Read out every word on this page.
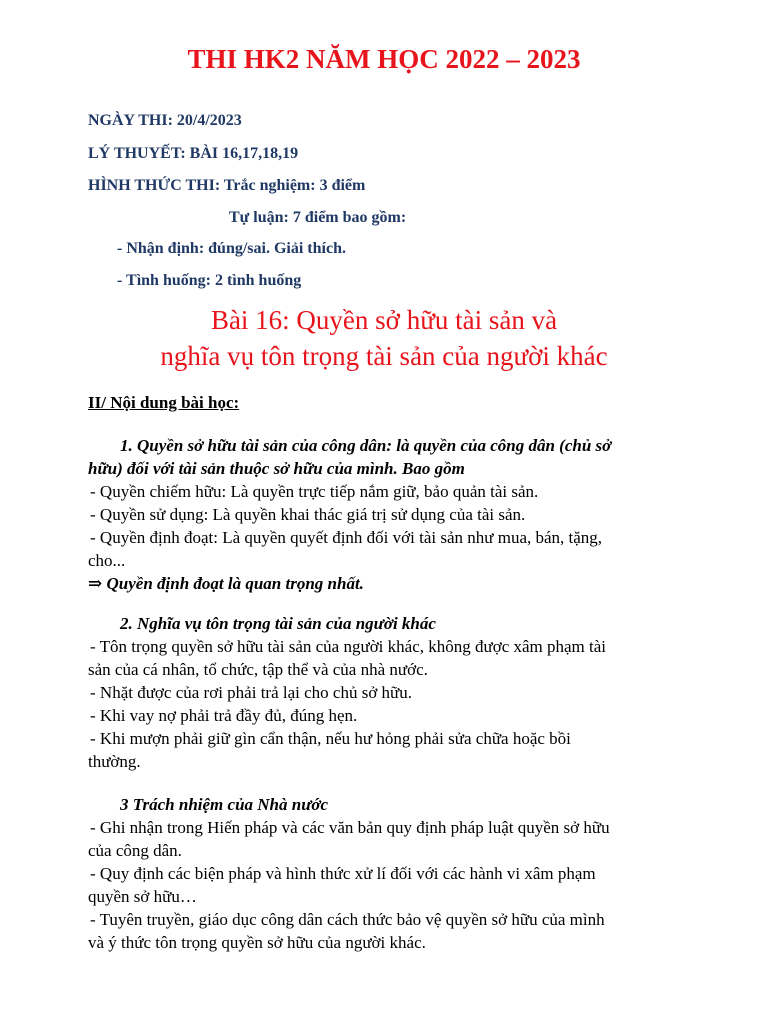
THI HK2 NĂM HỌC 2022 – 2023
NGÀY THI: 20/4/2023
LÝ THUYẾT: BÀI 16,17,18,19
HÌNH THỨC THI: Trắc nghiệm: 3 điểm
Tự luận: 7 điểm bao gồm:
- Nhận định: đúng/sai. Giải thích.
- Tình huống: 2 tình huống
Bài 16: Quyền sở hữu tài sản và
nghĩa vụ tôn trọng tài sản của người khác
II/ Nội dung bài học:
1. Quyền sở hữu tài sản của công dân: là quyền của công dân (chủ sở
hữu) đối với tài sản thuộc sở hữu của mình. Bao gồm
- Quyền chiếm hữu: Là quyền trực tiếp nắm giữ, bảo quản tài sản.
- Quyền sử dụng: Là quyền khai thác giá trị sử dụng của tài sản.
- Quyền định đoạt: Là quyền quyết định đối với tài sản như mua, bán, tặng,
cho...
⇒ Quyền định đoạt là quan trọng nhất.
2. Nghĩa vụ tôn trọng tài sản của người khác
- Tôn trọng quyền sở hữu tài sản của người khác, không được xâm phạm tài
sản của cá nhân, tổ chức, tập thể và của nhà nước.
- Nhặt được của rơi phải trả lại cho chủ sở hữu.
- Khi vay nợ phải trả đầy đủ, đúng hẹn.
- Khi mượn phải giữ gìn cẩn thận, nếu hư hỏng phải sửa chữa hoặc bồi
thường.
3 Trách nhiệm của Nhà nước
- Ghi nhận trong Hiến pháp và các văn bản quy định pháp luật quyền sở hữu
của công dân.
- Quy định các biện pháp và hình thức xử lí đối với các hành vi xâm phạm
quyền sở hữu…
- Tuyên truyền, giáo dục công dân cách thức bảo vệ quyền sở hữu của mình
và ý thức tôn trọng quyền sở hữu của người khác.
